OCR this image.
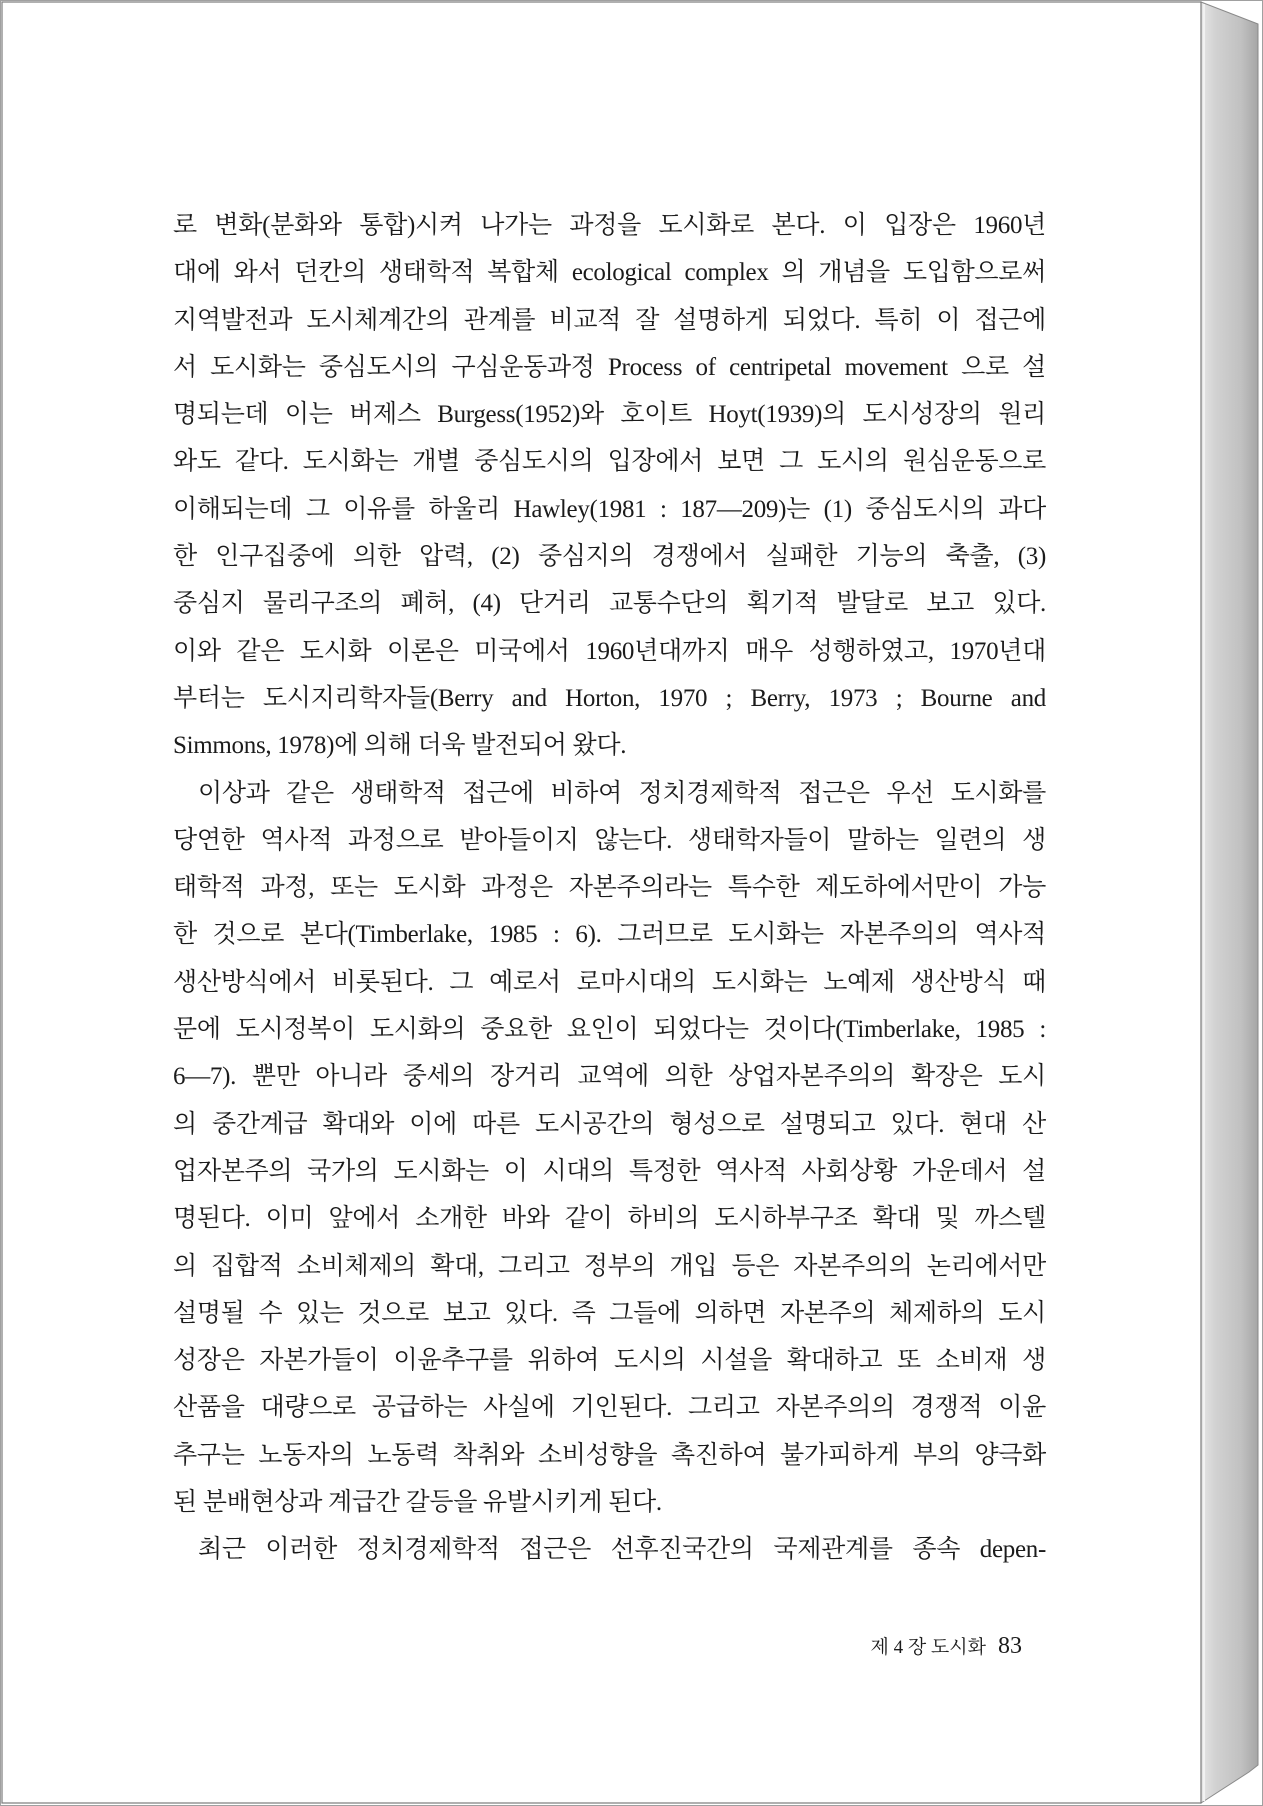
로 변화(분화와 통합)시켜 나가는 과정을 도시화로 본다. 이 입장은 1960년
대에 와서 던칸의 생태학적 복합체 ecological complex 의 개념을 도입함으로써
지역발전과 도시체계간의 관계를 비교적 잘 설명하게 되었다. 특히 이 접근에
서 도시화는 중심도시의 구심운동과정 Process of centripetal movement 으로 설
명되는데 이는 버제스 Burgess(1952)와 호이트 Hoyt(1939)의 도시성장의 원리
와도 같다. 도시화는 개별 중심도시의 입장에서 보면 그 도시의 원심운동으로
이해되는데 그 이유를 하울리 Hawley(1981 : 187—209)는 (1) 중심도시의 과다
한 인구집중에 의한 압력, (2) 중심지의 경쟁에서 실패한 기능의 축출, (3)
중심지 물리구조의 폐허, (4) 단거리 교통수단의 획기적 발달로 보고 있다.
이와 같은 도시화 이론은 미국에서 1960년대까지 매우 성행하였고, 1970년대
부터는 도시지리학자들(Berry and Horton, 1970 ; Berry, 1973 ; Bourne and
Simmons, 1978)에 의해 더욱 발전되어 왔다.
이상과 같은 생태학적 접근에 비하여 정치경제학적 접근은 우선 도시화를
당연한 역사적 과정으로 받아들이지 않는다. 생태학자들이 말하는 일련의 생
태학적 과정, 또는 도시화 과정은 자본주의라는 특수한 제도하에서만이 가능
한 것으로 본다(Timberlake, 1985 : 6). 그러므로 도시화는 자본주의의 역사적
생산방식에서 비롯된다. 그 예로서 로마시대의 도시화는 노예제 생산방식 때
문에 도시정복이 도시화의 중요한 요인이 되었다는 것이다(Timberlake, 1985 :
6—7). 뿐만 아니라 중세의 장거리 교역에 의한 상업자본주의의 확장은 도시
의 중간계급 확대와 이에 따른 도시공간의 형성으로 설명되고 있다. 현대 산
업자본주의 국가의 도시화는 이 시대의 특정한 역사적 사회상황 가운데서 설
명된다. 이미 앞에서 소개한 바와 같이 하비의 도시하부구조 확대 및 까스텔
의 집합적 소비체제의 확대, 그리고 정부의 개입 등은 자본주의의 논리에서만
설명될 수 있는 것으로 보고 있다. 즉 그들에 의하면 자본주의 체제하의 도시
성장은 자본가들이 이윤추구를 위하여 도시의 시설을 확대하고 또 소비재 생
산품을 대량으로 공급하는 사실에 기인된다. 그리고 자본주의의 경쟁적 이윤
추구는 노동자의 노동력 착취와 소비성향을 촉진하여 불가피하게 부의 양극화
된 분배현상과 계급간 갈등을 유발시키게 된다.
최근 이러한 정치경제학적 접근은 선후진국간의 국제관계를 종속 depen-
제 4 장 도시화 83
